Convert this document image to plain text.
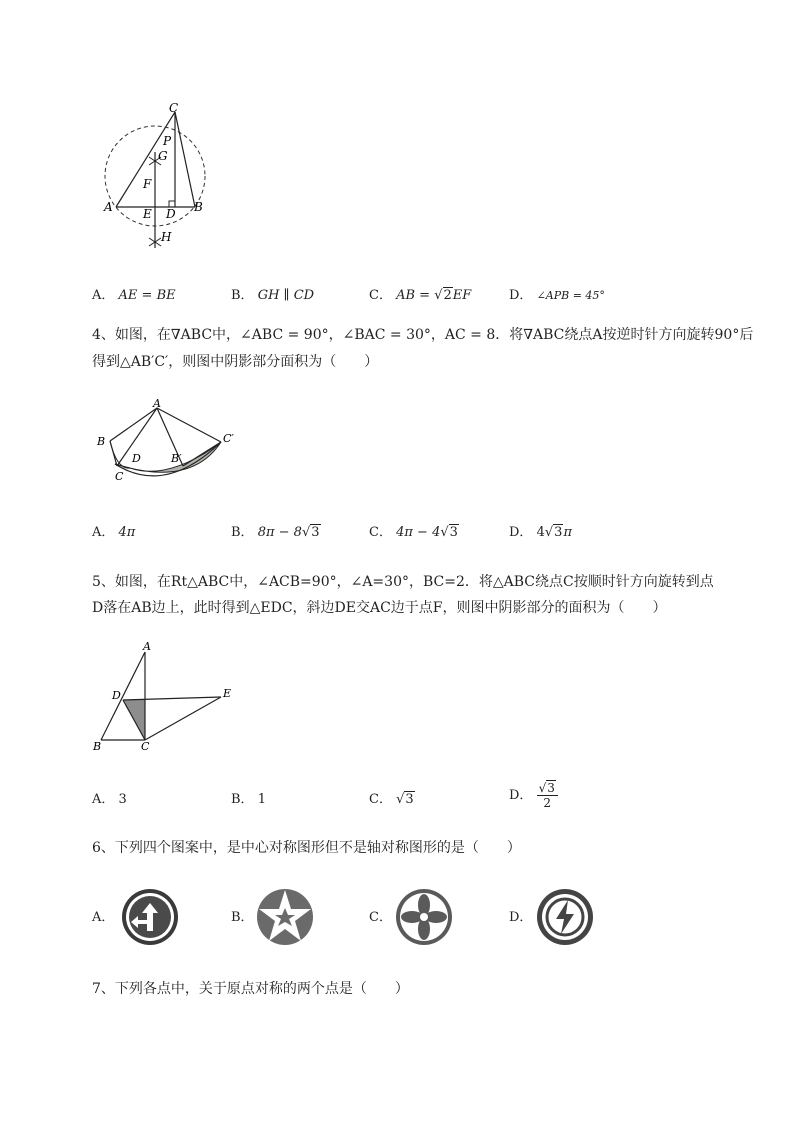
C
P
G
F
A	E D B
H
A． AE = BE	B． GH ∥ CD	C． AB = √2EF	D． ∠APB = 45°
4、如图，在∇ABC中，∠ABC = 90°，∠BAC = 30°，AC = 8．将∇ABC绕点A按逆时针方向旋转90°后
得到△AB′C′，则图中阴影部分面积为（　　）
A
B
D	B′
C′
C
A． 4π	B． 8π − 8√3	C． 4π − 4√3	D． 4√3π
5、如图，在Rt△ABC中，∠ACB=90°，∠A=30°，BC=2．将△ABC绕点C按顺时针方向旋转到点
D落在AB边上，此时得到△EDC，斜边DE交AC边于点F，则图中阴影部分的面积为（　　）
A
D	E
B	C
A． 3	B． 1	C． √3	D． $\frac{√3}{2}$
6、下列四个图案中，是中心对称图形但不是轴对称图形的是（　　）
A．	B．	C．	D．
7、下列各点中，关于原点对称的两个点是（　　）
